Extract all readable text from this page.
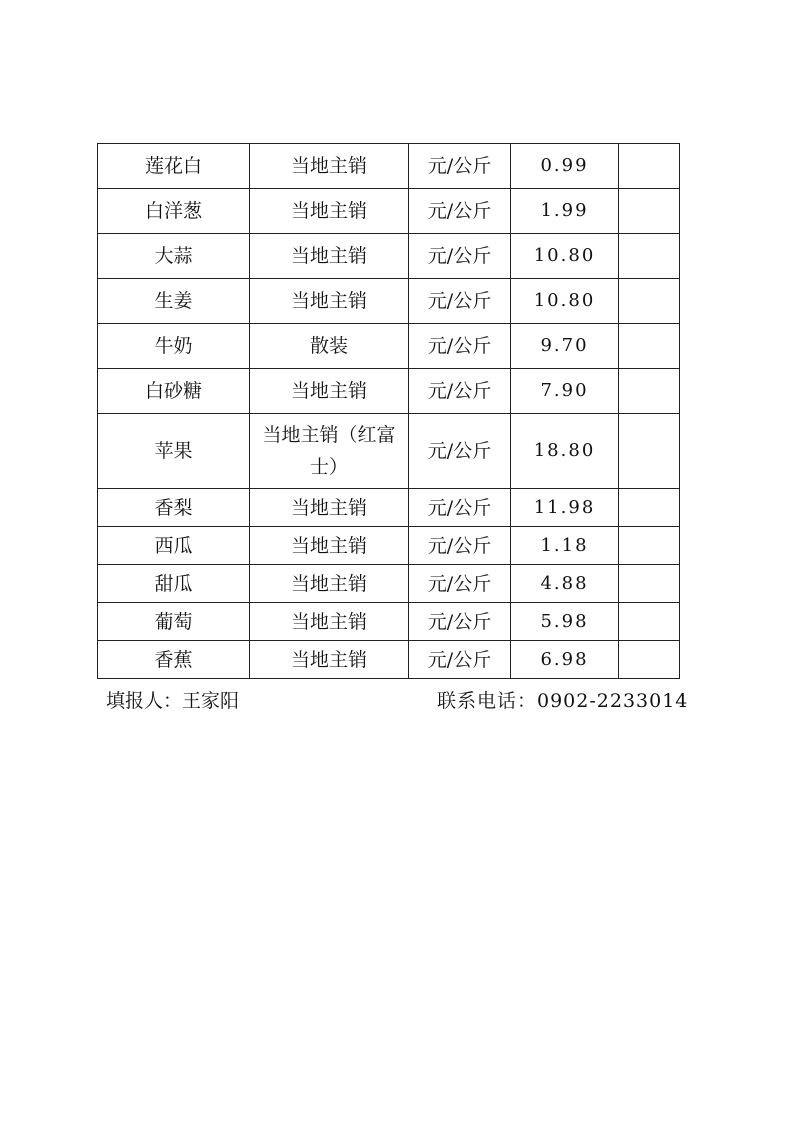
莲花白	当地主销	元/公斤	0.99	
白洋葱	当地主销	元/公斤	1.99	
大蒜	当地主销	元/公斤	10.80	
生姜	当地主销	元/公斤	10.80	
牛奶	散装	元/公斤	9.70	
白砂糖	当地主销	元/公斤	7.90	
苹果	当地主销（红富士）	元/公斤	18.80	
香梨	当地主销	元/公斤	11.98	
西瓜	当地主销	元/公斤	1.18	
甜瓜	当地主销	元/公斤	4.88	
葡萄	当地主销	元/公斤	5.98	
香蕉	当地主销	元/公斤	6.98	
填报人：王家阳	联系电话：0902-2233014
